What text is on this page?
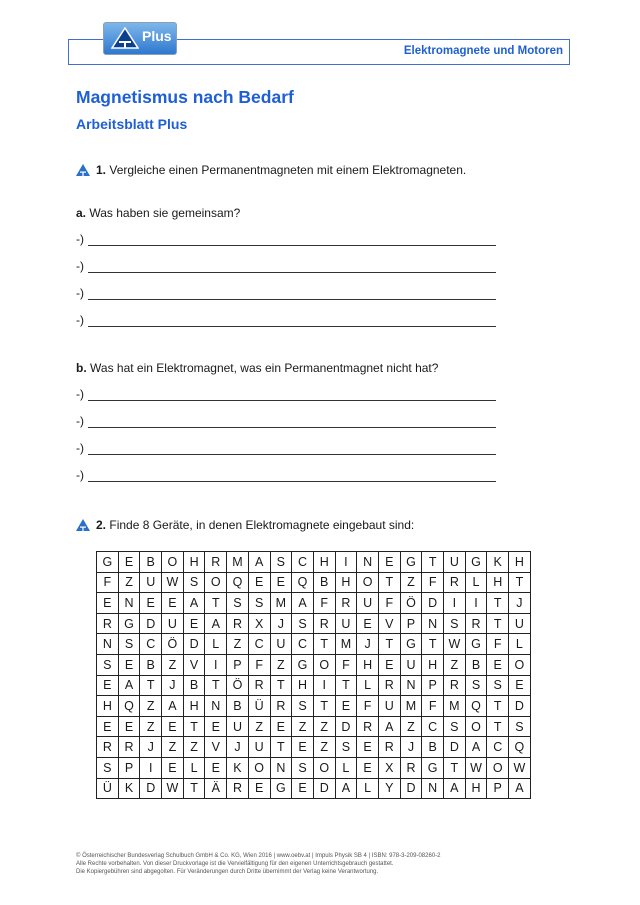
Elektromagnete und Motoren
Plus
Magnetismus nach Bedarf
Arbeitsblatt Plus
1. Vergleiche einen Permanentmagneten mit einem Elektromagneten.
a. Was haben sie gemeinsam?
-)
-)
-)
-)
b. Was hat ein Elektromagnet, was ein Permanentmagnet nicht hat?
-)
-)
-)
-)
2. Finde 8 Geräte, in denen Elektromagnete eingebaut sind:
G	E	B	O	H	R	M	A	S	C	H	I	N	E	G	T	U	G	K	H
F	Z	U	W	S	O	Q	E	E	Q	B	H	O	T	Z	F	R	L	H	T
E	N	E	E	A	T	S	S	M	A	F	R	U	F	Ö	D	I	I	T	J
R	G	D	U	E	A	R	X	J	S	R	U	E	V	P	N	S	R	T	U
N	S	C	Ö	D	L	Z	C	U	C	T	M	J	T	G	T	W	G	F	L
S	E	B	Z	V	I	P	F	Z	G	O	F	H	E	U	H	Z	B	E	O
E	A	T	J	B	T	Ö	R	T	H	I	T	L	R	N	P	R	S	S	E
H	Q	Z	A	H	N	B	Ü	R	S	T	E	F	U	M	F	M	Q	T	D
E	E	Z	E	T	E	U	Z	E	Z	Z	D	R	A	Z	C	S	O	T	S
R	R	J	Z	Z	V	J	U	T	E	Z	S	E	R	J	B	D	A	C	Q
S	P	I	E	L	E	K	O	N	S	O	L	E	X	R	G	T	W	O	W
Ü	K	D	W	T	Ä	R	E	G	E	D	A	L	Y	D	N	A	H	P	A
© Österreichischer Bundesverlag Schulbuch GmbH & Co. KG, Wien 2016 | www.oebv.at | Impuls Physik SB 4 | ISBN: 978-3-209-08260-2
Alle Rechte vorbehalten. Von dieser Druckvorlage ist die Vervielfältigung für den eigenen Unterrichtsgebrauch gestattet.
Die Kopiergebühren sind abgegolten. Für Veränderungen durch Dritte übernimmt der Verlag keine Verantwortung.
